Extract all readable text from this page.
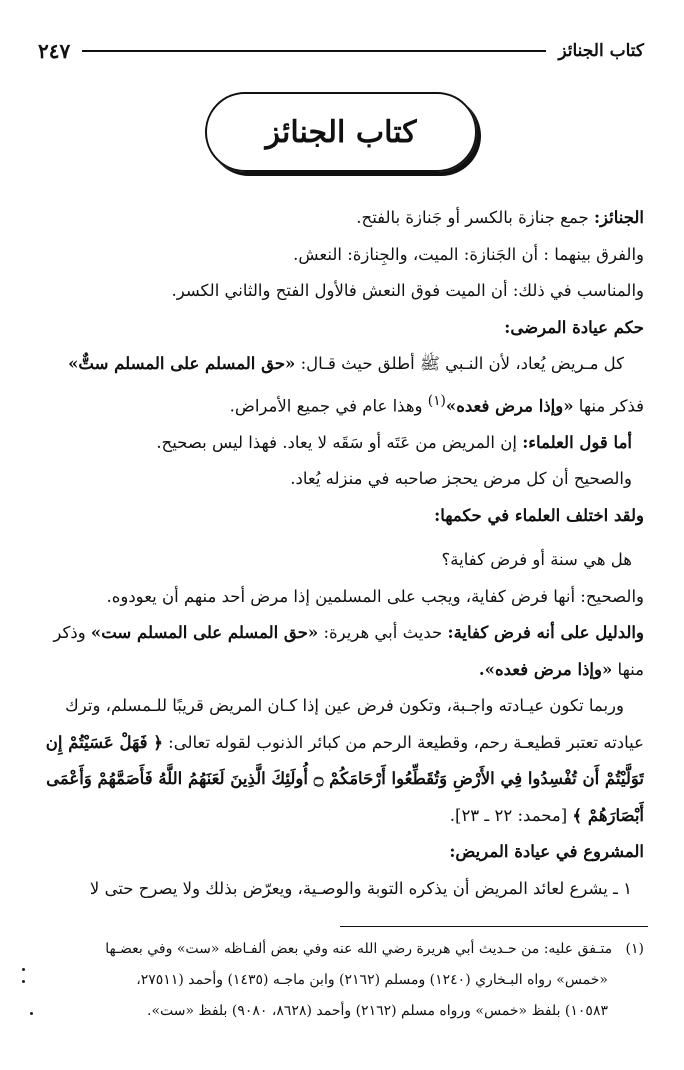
كتاب الجنائز
٢٤٧
كتاب الجنائز
الجنائز: جمع جنازة بالكسر أو جَنازة بالفتح.
والفرق بينهما : أن الجَنازة: الميت، والجِنازة: النعش.
والمناسب في ذلك: أن الميت فوق النعش فالأول الفتح والثاني الكسر.
حكم عيادة المرضى:
كل مـريض يُعاد، لأن النـبي ﷺ أطلق حيث قـال: «حق المسلم على المسلم ستٌّ»
فذكر منها «وإذا مرض فعده»$^{(١)}$ وهذا عام في جميع الأمراض.
أما قول العلماء: إن المريض من عَتَه أو سَقَه لا يعاد. فهذا ليس بصحيح.
والصحيح أن كل مرض يحجز صاحبه في منزله يُعاد.
ولقد اختلف العلماء في حكمها:
هل هي سنة أو فرض كفاية؟
والصحيح: أنها فرض كفاية، ويجب على المسلمين إذا مرض أحد منهم أن يعودوه.
والدليل على أنه فرض كفاية: حديث أبي هريرة: «حق المسلم على المسلم ست» وذكر
منها «وإذا مرض فعده».
وربما تكون عيـادته واجـبة، وتكون فرض عين إذا كـان المريض قريبًا للـمسلم، وترك
عيادته تعتبر قطيعـة رحم، وقطيعة الرحم من كبائر الذنوب لقوله تعالى: ﴿ فَهَلْ عَسَيْتُمْ إِن
تَوَلَّيْتُمْ أَن تُفْسِدُوا فِي الأَرْضِ وَتُقَطِّعُوا أَرْحَامَكُمْ ۝ أُولَئِكَ الَّذِينَ لَعَنَهُمُ اللَّهُ فَأَصَمَّهُمْ وَأَعْمَى
أَبْصَارَهُمْ ﴾ [محمد: ٢٢ ـ ٢٣].
المشروع في عيادة المريض:
١ ـ يشرع لعائد المريض أن يذكره التوبة والوصـية، ويعرّض بذلك ولا يصرح حتى لا
(١)   متـفق عليه: من حـديث أبي هريرة رضي الله عنه وفي بعض ألفـاظه «ست» وفي بعضـها
«خمس» رواه البـخاري (١٢٤٠) ومسلم (٢١٦٢) وابن ماجـه (١٤٣٥) وأحمد (٢٧٥١١،
١٠٥٨٣) بلفظ «خمس» ورواه مسلم (٢١٦٢) وأحمد (٨٦٢٨، ٩٠٨٠) بلفظ «ست».
